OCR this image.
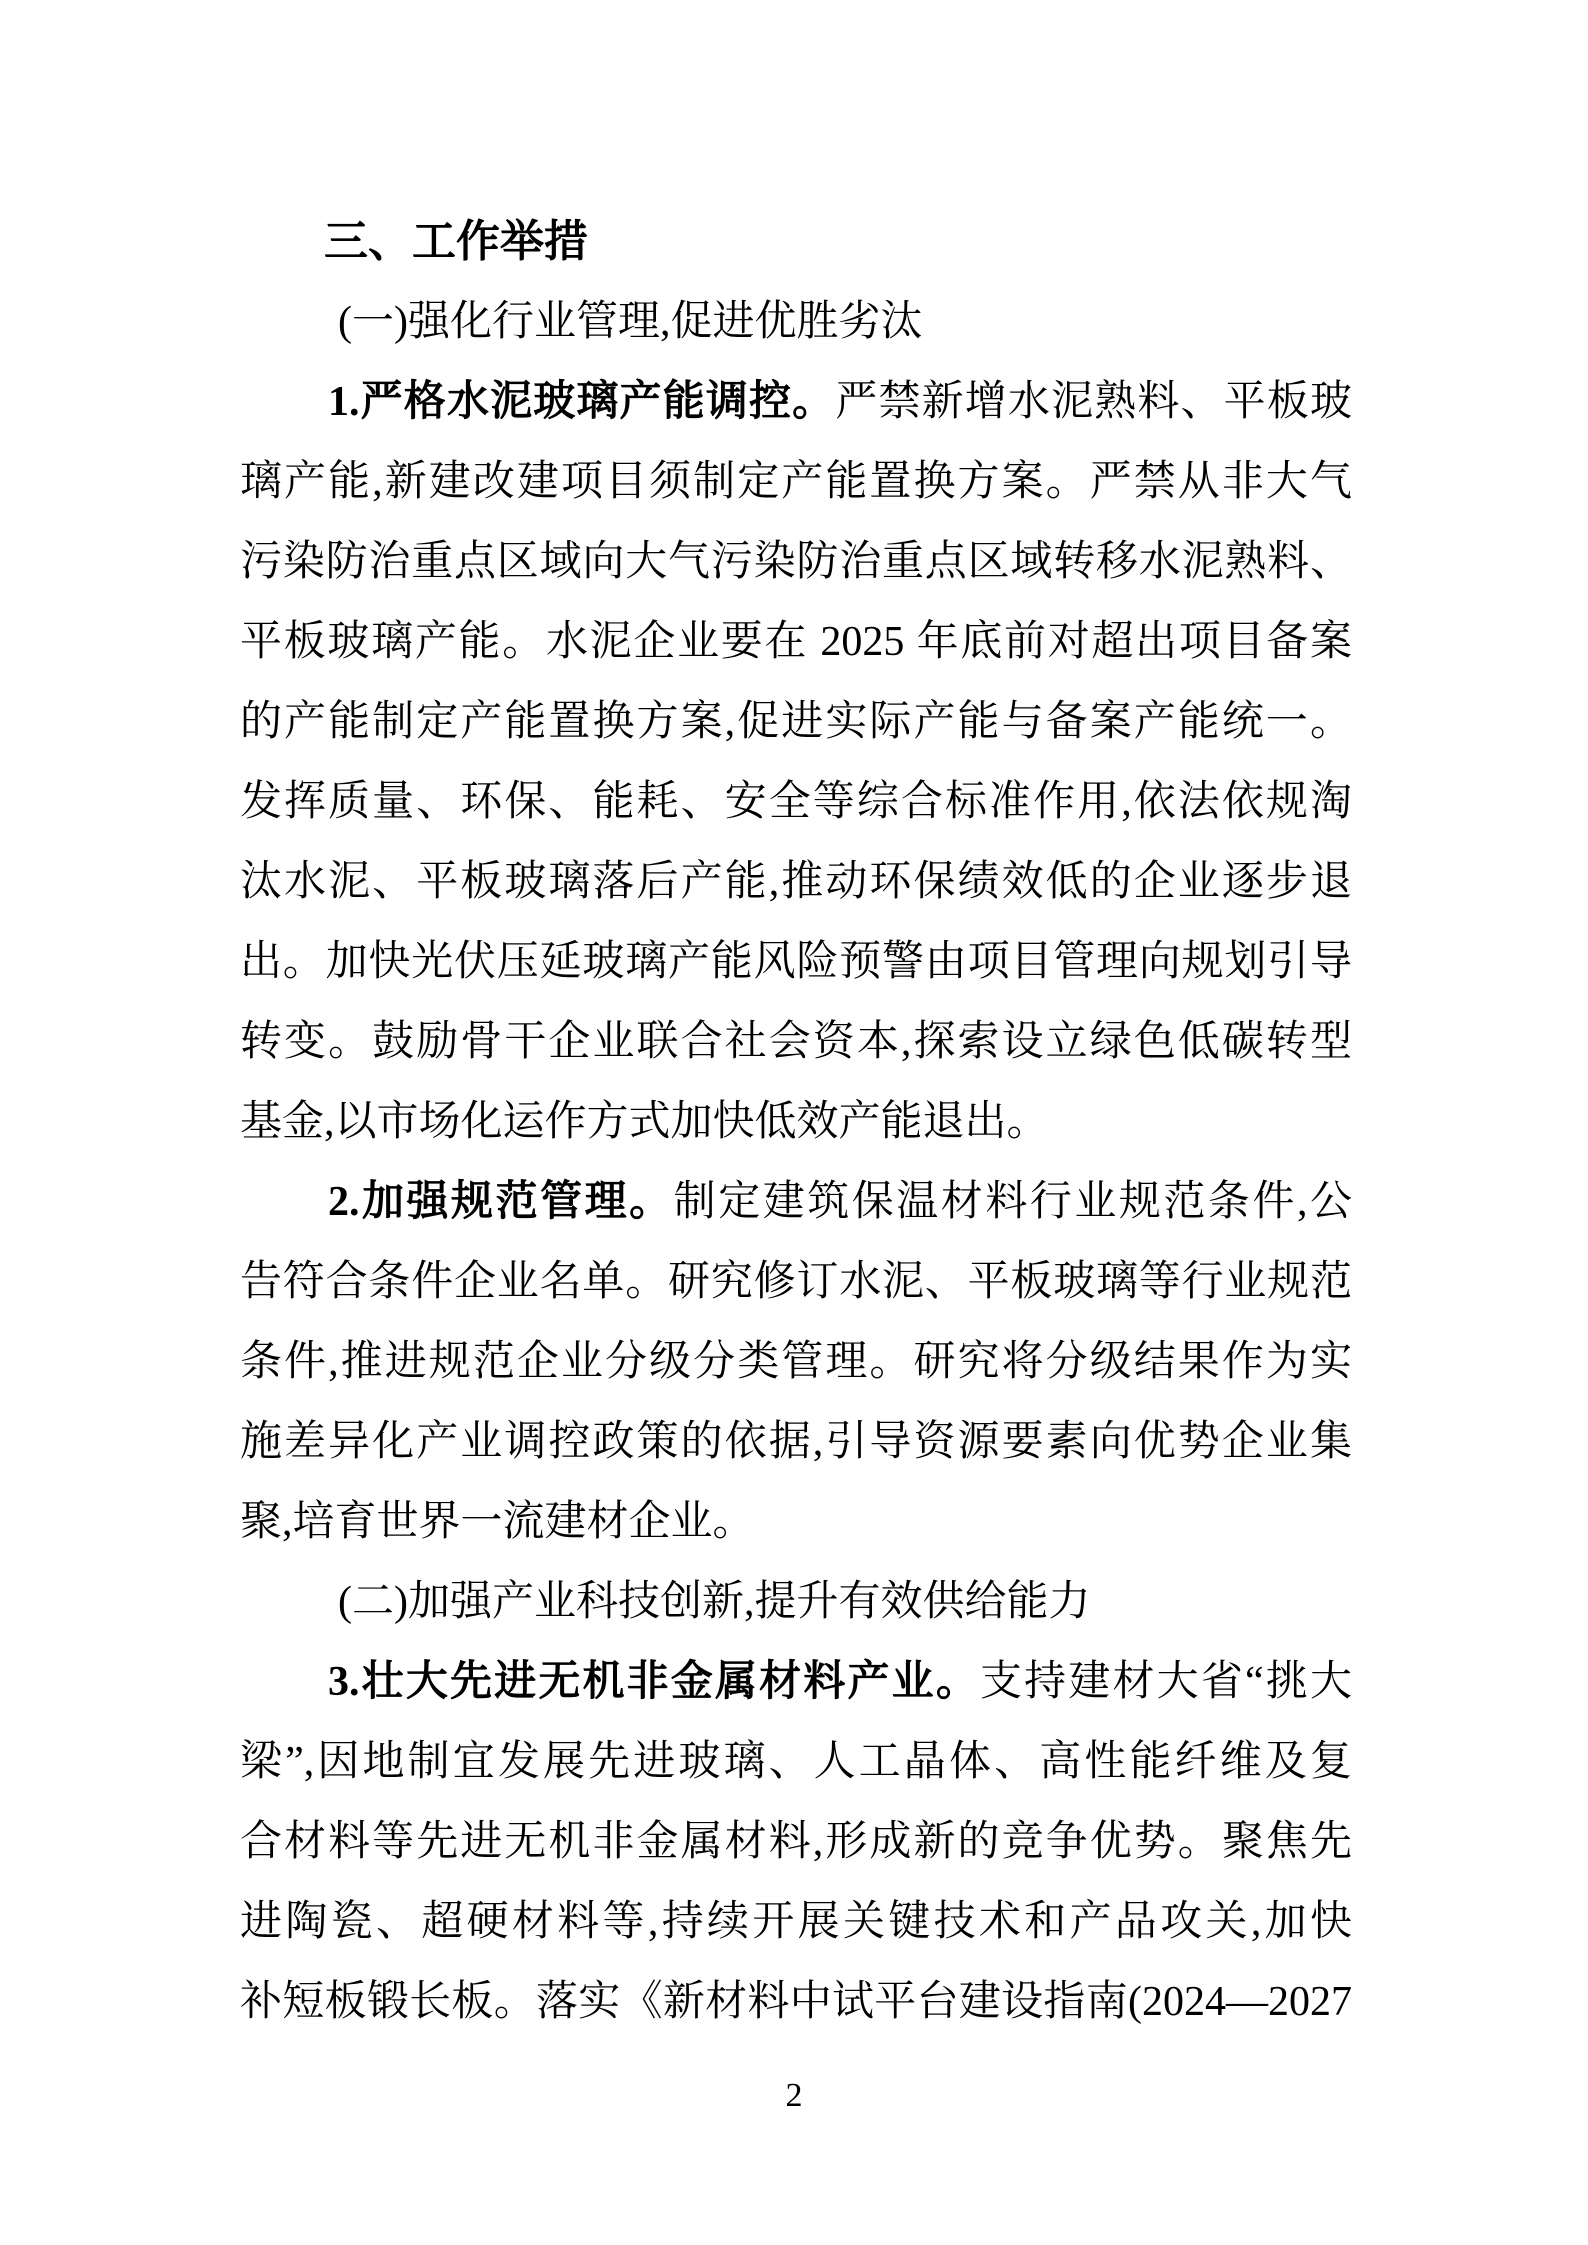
三、工作举措
(一)强化行业管理,促进优胜劣汰
1.严格水泥玻璃产能调控。严禁新增水泥熟料、平板玻
璃产能,新建改建项目须制定产能置换方案。严禁从非大气
污染防治重点区域向大气污染防治重点区域转移水泥熟料、
平板玻璃产能。水泥企业要在 2025 年底前对超出项目备案
的产能制定产能置换方案,促进实际产能与备案产能统一。
发挥质量、环保、能耗、安全等综合标准作用,依法依规淘
汰水泥、平板玻璃落后产能,推动环保绩效低的企业逐步退
出。加快光伏压延玻璃产能风险预警由项目管理向规划引导
转变。鼓励骨干企业联合社会资本,探索设立绿色低碳转型
基金,以市场化运作方式加快低效产能退出。
2.加强规范管理。制定建筑保温材料行业规范条件,公
告符合条件企业名单。研究修订水泥、平板玻璃等行业规范
条件,推进规范企业分级分类管理。研究将分级结果作为实
施差异化产业调控政策的依据,引导资源要素向优势企业集
聚,培育世界一流建材企业。
(二)加强产业科技创新,提升有效供给能力
3.壮大先进无机非金属材料产业。支持建材大省“挑大
梁”,因地制宜发展先进玻璃、人工晶体、高性能纤维及复
合材料等先进无机非金属材料,形成新的竞争优势。聚焦先
进陶瓷、超硬材料等,持续开展关键技术和产品攻关,加快
补短板锻长板。落实《新材料中试平台建设指南(2024—2027
2
